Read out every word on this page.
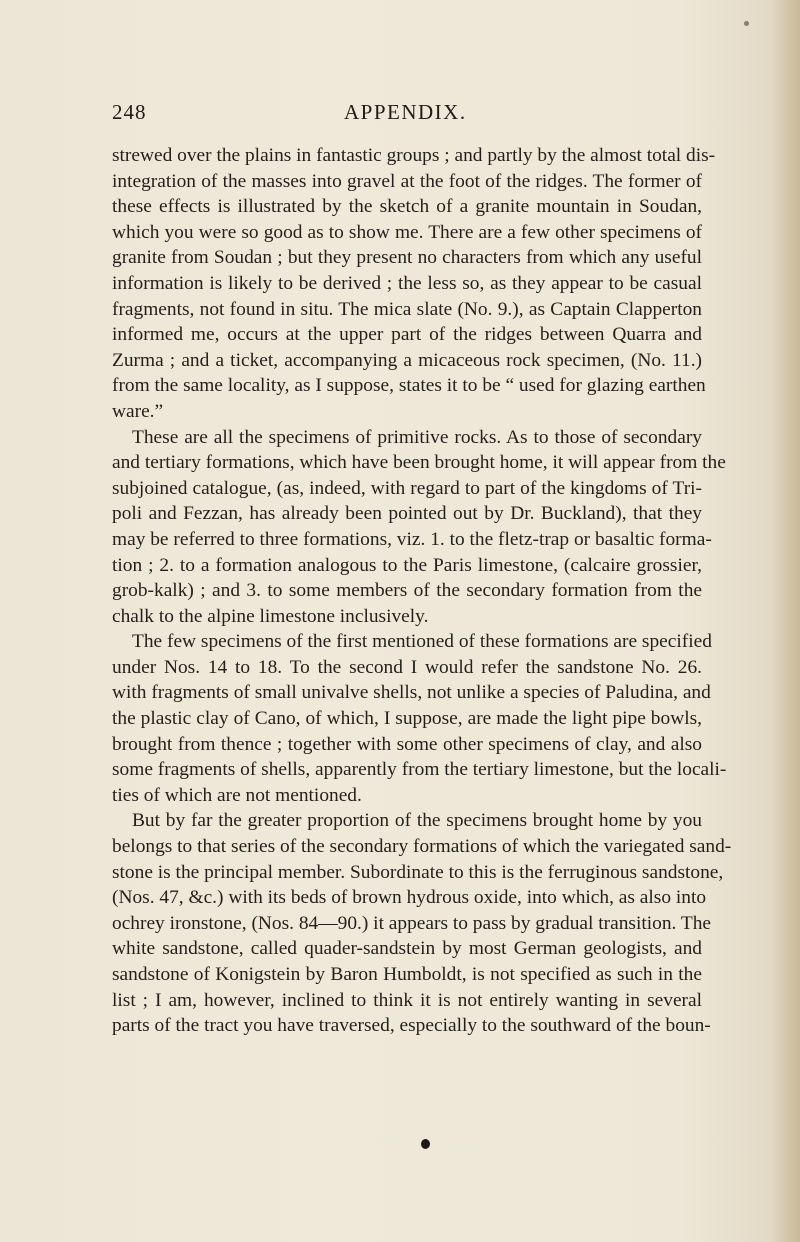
248	APPENDIX.
strewed over the plains in fantastic groups ; and partly by the almost total dis-
integration of the masses into gravel at the foot of the ridges. The former of
these effects is illustrated by the sketch of a granite mountain in Soudan,
which you were so good as to show me. There are a few other specimens of
granite from Soudan ; but they present no characters from which any useful
information is likely to be derived ; the less so, as they appear to be casual
fragments, not found in situ. The mica slate (No. 9.), as Captain Clapperton
informed me, occurs at the upper part of the ridges between Quarra and
Zurma ; and a ticket, accompanying a micaceous rock specimen, (No. 11.)
from the same locality, as I suppose, states it to be “ used for glazing earthen
ware.”
These are all the specimens of primitive rocks. As to those of secondary
and tertiary formations, which have been brought home, it will appear from the
subjoined catalogue, (as, indeed, with regard to part of the kingdoms of Tri-
poli and Fezzan, has already been pointed out by Dr. Buckland), that they
may be referred to three formations, viz. 1. to the fletz-trap or basaltic forma-
tion ; 2. to a formation analogous to the Paris limestone, (calcaire grossier,
grob-kalk) ; and 3. to some members of the secondary formation from the
chalk to the alpine limestone inclusively.
The few specimens of the first mentioned of these formations are specified
under Nos. 14 to 18. To the second I would refer the sandstone No. 26.
with fragments of small univalve shells, not unlike a species of Paludina, and
the plastic clay of Cano, of which, I suppose, are made the light pipe bowls,
brought from thence ; together with some other specimens of clay, and also
some fragments of shells, apparently from the tertiary limestone, but the locali-
ties of which are not mentioned.
But by far the greater proportion of the specimens brought home by you
belongs to that series of the secondary formations of which the variegated sand-
stone is the principal member. Subordinate to this is the ferruginous sandstone,
(Nos. 47, &c.) with its beds of brown hydrous oxide, into which, as also into
ochrey ironstone, (Nos. 84—90.) it appears to pass by gradual transition. The
white sandstone, called quader-sandstein by most German geologists, and
sandstone of Konigstein by Baron Humboldt, is not specified as such in the
list ; I am, however, inclined to think it is not entirely wanting in several
parts of the tract you have traversed, especially to the southward of the boun-
